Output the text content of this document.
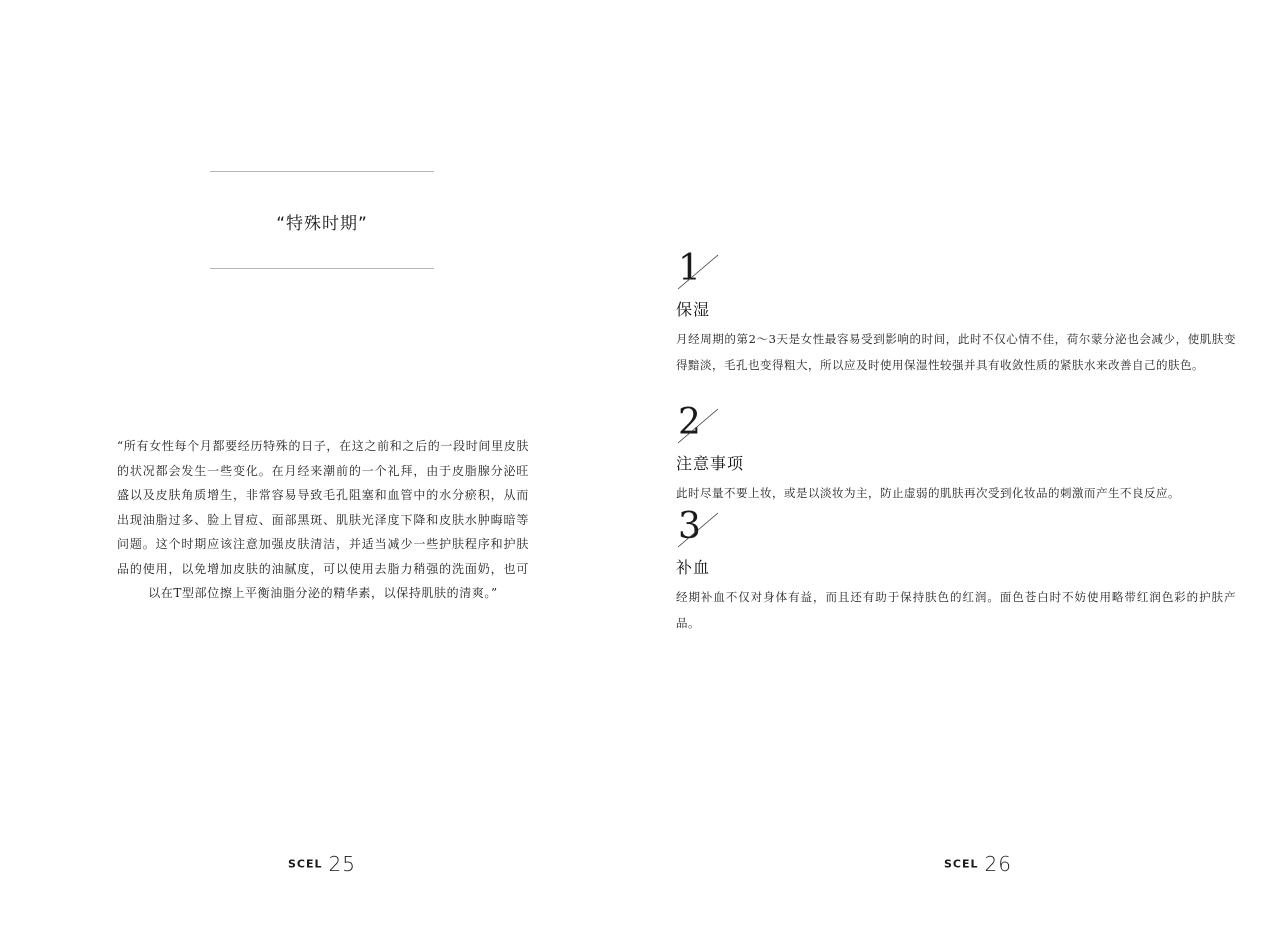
“特殊时期”

“所有女性每个月都要经历特殊的日子，在这之前和之后的一段时间里皮肤的状况都会发生一些变化。在月经来潮前的一个礼拜，由于皮脂腺分泌旺盛以及皮肤角质增生，非常容易导致毛孔阻塞和血管中的水分瘀积，从而出现油脂过多、脸上冒痘、面部黑斑、肌肤光泽度下降和皮肤水肿晦暗等问题。这个时期应该注意加强皮肤清洁，并适当减少一些护肤程序和护肤品的使用，以免增加皮肤的油腻度，可以使用去脂力稍强的洗面奶，也可以在T型部位擦上平衡油脂分泌的精华素，以保持肌肤的清爽。”

SCEL 25
1
保湿
月经周期的第2～3天是女性最容易受到影响的时间，此时不仅心情不佳，荷尔蒙分泌也会减少，使肌肤变得黯淡，毛孔也变得粗大，所以应及时使用保湿性较强并具有收敛性质的紧肤水来改善自己的肤色。
2
注意事项
此时尽量不要上妆，或是以淡妆为主，防止虚弱的肌肤再次受到化妆品的刺激而产生不良反应。
3
补血
经期补血不仅对身体有益，而且还有助于保持肤色的红润。面色苍白时不妨使用略带红润色彩的护肤产品。
SCEL 26
